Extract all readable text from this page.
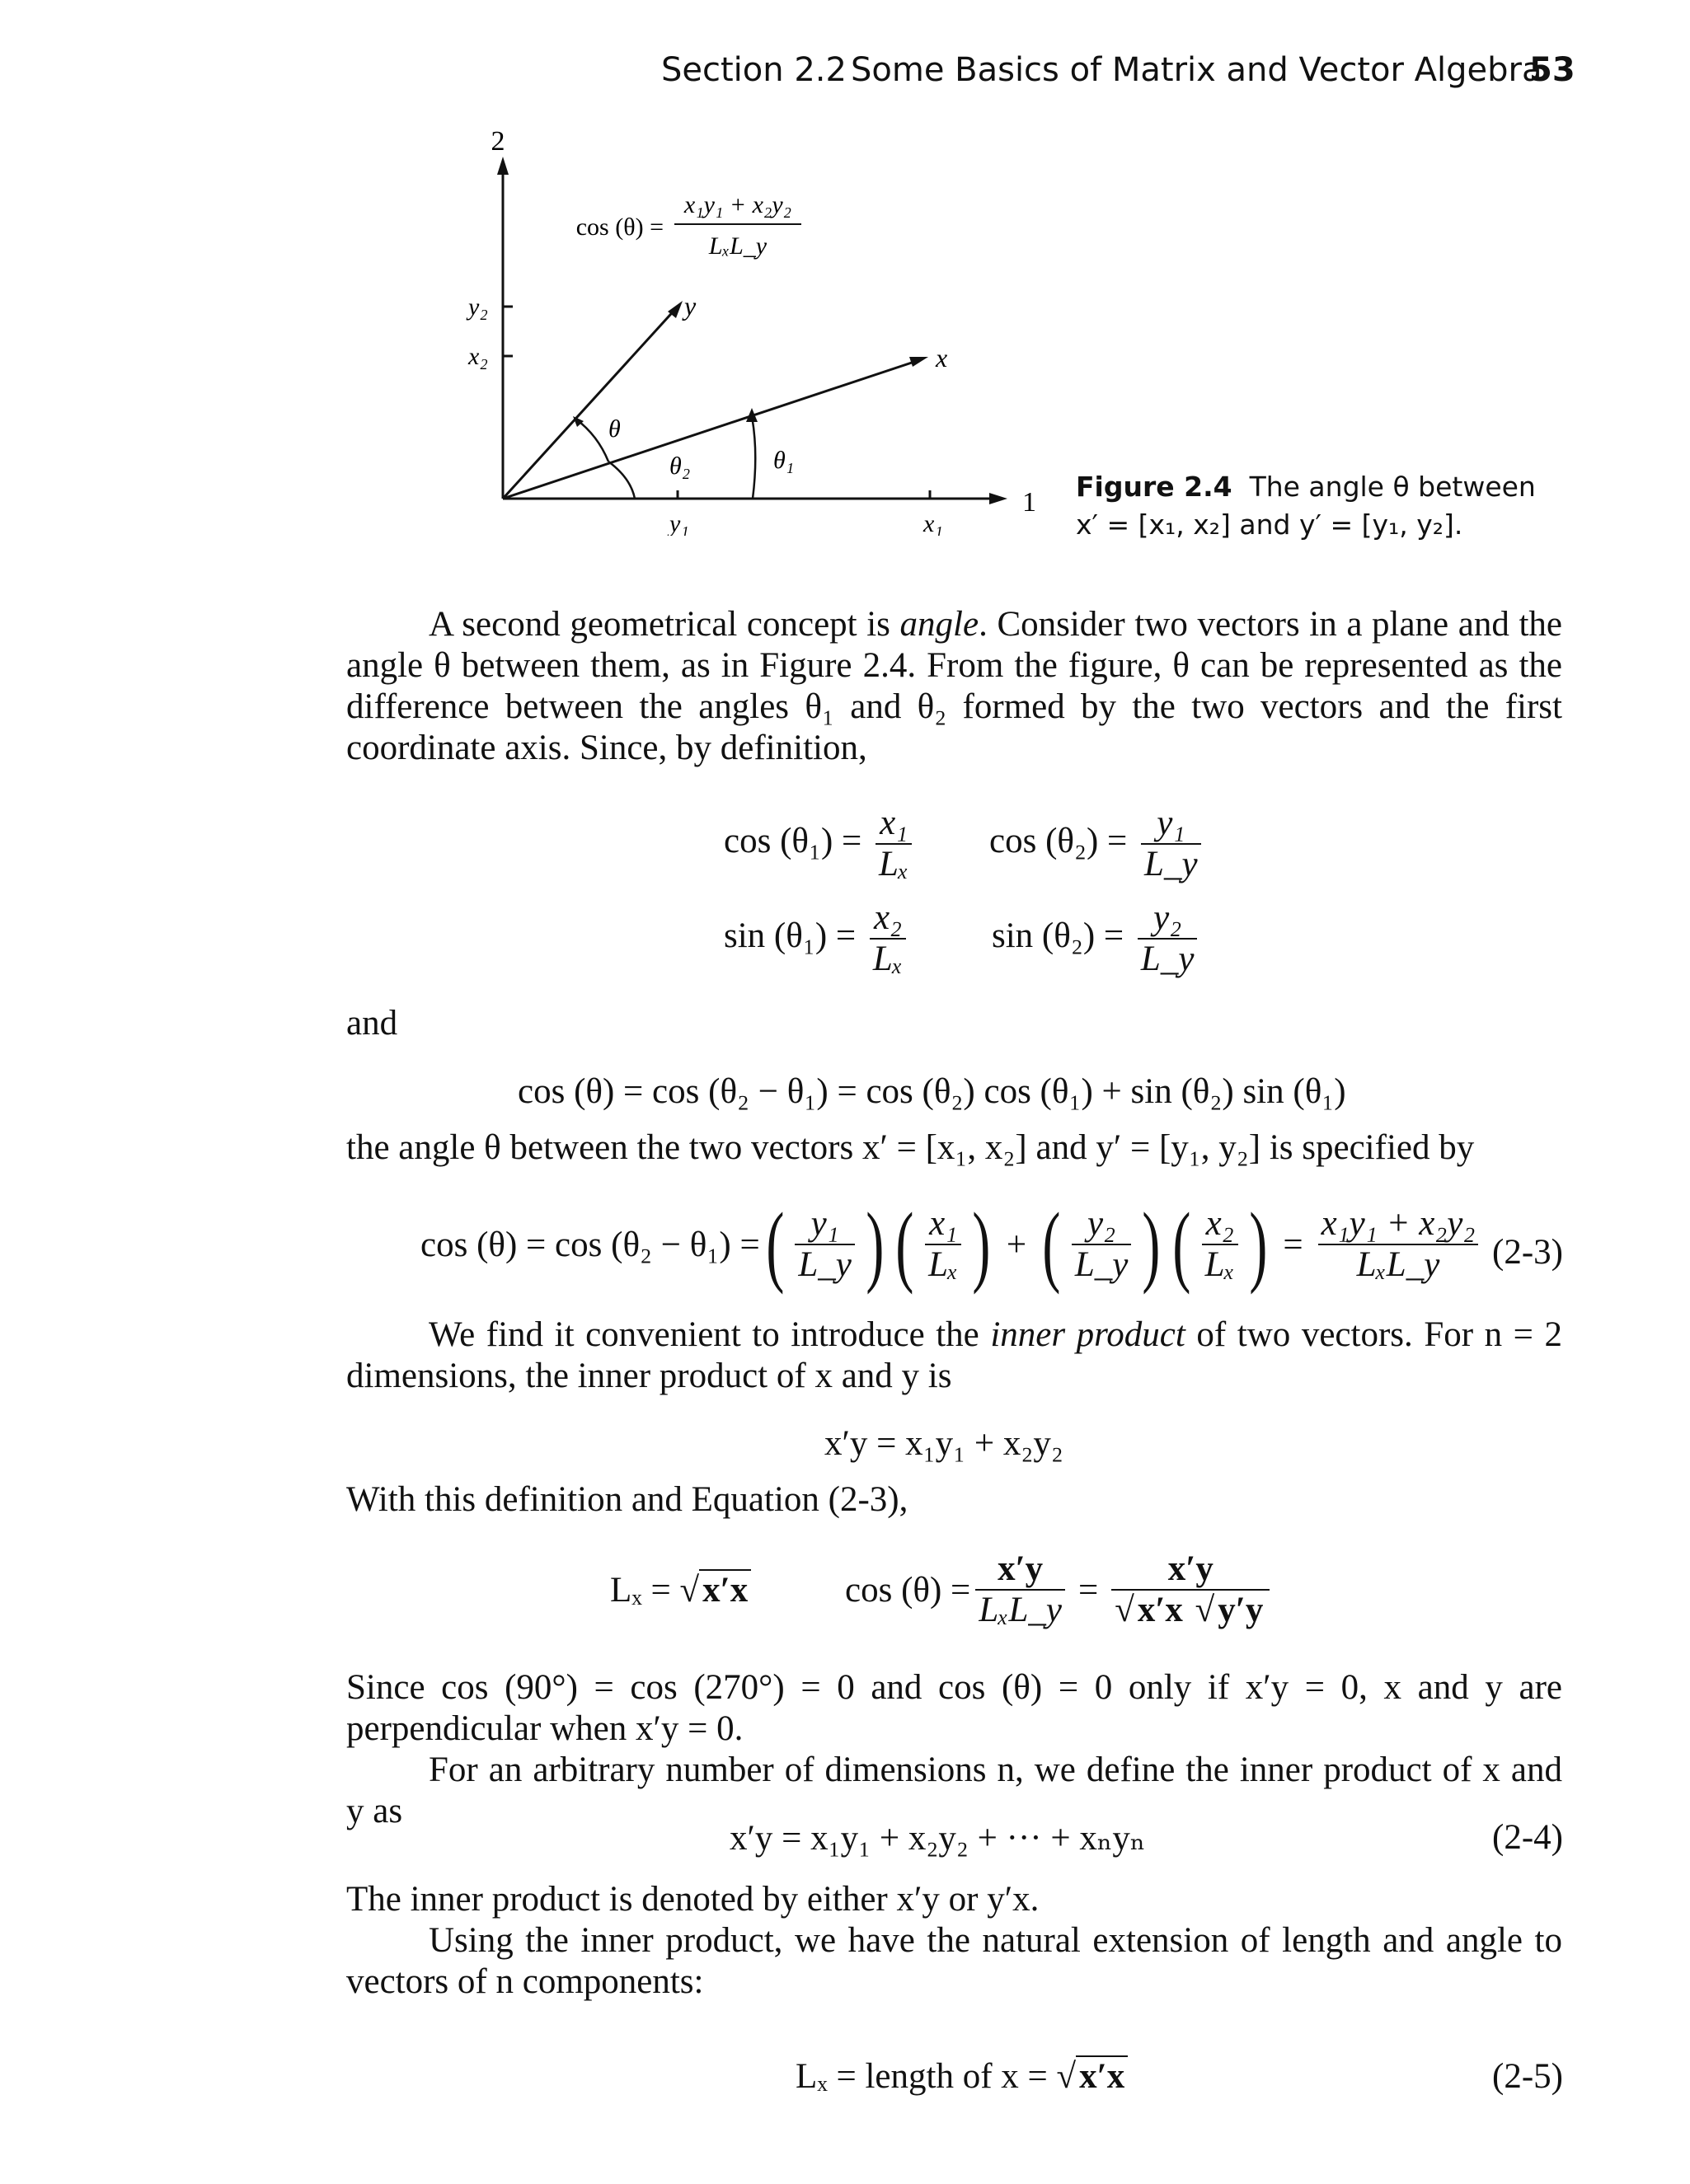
Section 2.2 Some Basics of Matrix and Vector Algebra
53
2
1
y₂
x₂
y₁	x₁
y
x
θ
θ₂	θ₁
cos (θ) =
x₁y₁ + x₂y₂
LₓL_y
Figure 2.4 The angle θ between
x′ = [x₁, x₂] and y′ = [y₁, y₂].
A second geometrical concept is angle. Consider two vectors in a plane and the angle θ between them, as in Figure 2.4. From the figure, θ can be represented as the difference between the angles θ₁ and θ₂ formed by the two vectors and the first coordinate axis. Since, by definition,
$\cos (\theta_1) = \frac{\text{x₁}}{\text{Lₓ}}$ $\cos (\theta_2) = \frac{\text{y₁}}{L\_y}$
$\sin (\theta_1) = \frac{\text{x₂}}{\text{Lₓ}}$ $\sin (\theta_2) = \frac{\text{y₂}}{L\_y}$
and
cos (θ) = cos (θ₂ − θ₁) = cos (θ₂) cos (θ₁) + sin (θ₂) sin (θ₁)
the angle θ between the two vectors x′ = [x₁, x₂] and y′ = [y₁, y₂] is specified by
cos (θ) = cos (θ₂ − θ₁) = ( $\frac{\text{y₁}}{L\_y}$ ) ( $\frac{\text{x₁}}{\text{Lₓ}}$ ) + ( $\frac{\text{y₂}}{L\_y}$ ) ( $\frac{\text{x₂}}{\text{Lₓ}}$ ) = $\frac{\text{x₁y₁ + x₂y₂}}{\text{LₓL\_y}} (2-3)$
We find it convenient to introduce the inner product of two vectors. For n = 2 dimensions, the inner product of x and y is
x′y = x₁y₁ + x₂y₂
With this definition and Equation (2-3),
Lₓ = √x′x	$\cos (\theta) = \frac{x'y}{\text{LₓL\_y}} = \frac{x'y}{√x'x √y'y}$
Since cos (90°) = cos (270°) = 0 and cos (θ) = 0 only if x′y = 0, x and y are perpendicular when x′y = 0.
For an arbitrary number of dimensions n, we define the inner product of x and y as
x′y = x₁y₁ + x₂y₂ + ··· + xₙyₙ	(2-4)
The inner product is denoted by either x′y or y′x.
Using the inner product, we have the natural extension of length and angle to vectors of n components:
Lₓ = length of x = √x′x	(2-5)
